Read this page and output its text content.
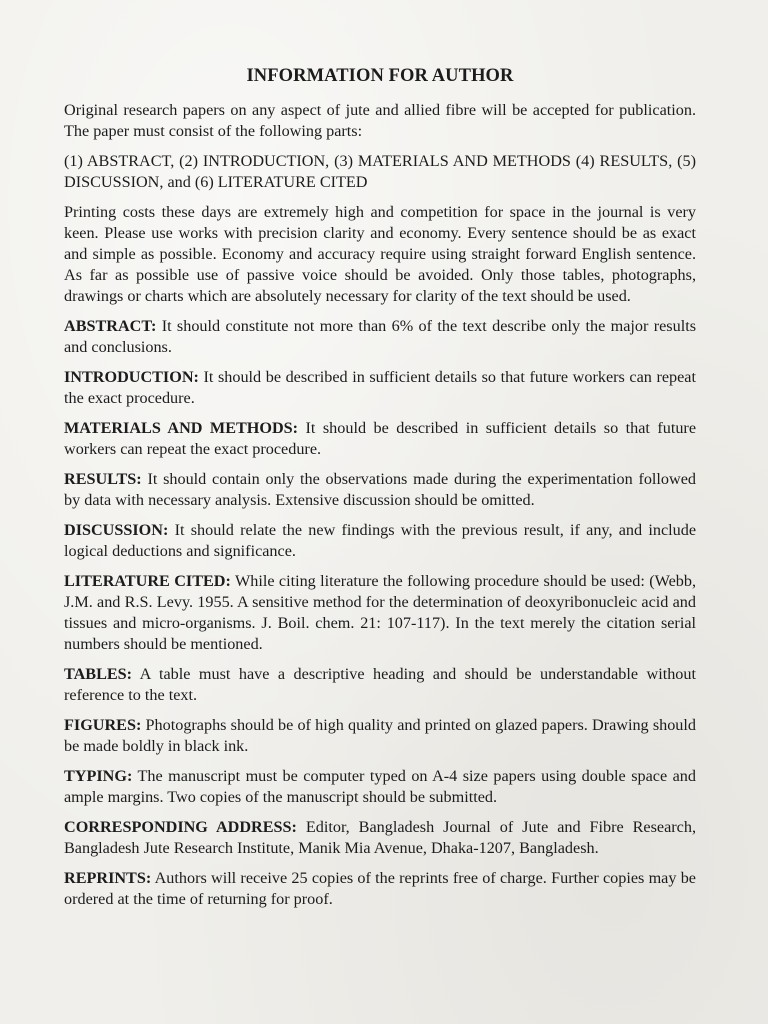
INFORMATION FOR AUTHOR

Original research papers on any aspect of jute and allied fibre will be accepted for publication. The paper must consist of the following parts:

(1) ABSTRACT, (2) INTRODUCTION, (3) MATERIALS AND METHODS (4) RESULTS, (5) DISCUSSION, and (6) LITERATURE CITED

Printing costs these days are extremely high and competition for space in the journal is very keen. Please use works with precision clarity and economy. Every sentence should be as exact and simple as possible. Economy and accuracy require using straight forward English sentence. As far as possible use of passive voice should be avoided. Only those tables, photographs, drawings or charts which are absolutely necessary for clarity of the text should be used.

ABSTRACT: It should constitute not more than 6% of the text describe only the major results and conclusions.

INTRODUCTION: It should be described in sufficient details so that future workers can repeat the exact procedure.

MATERIALS AND METHODS: It should be described in sufficient details so that future workers can repeat the exact procedure.

RESULTS: It should contain only the observations made during the experimentation followed by data with necessary analysis. Extensive discussion should be omitted.

DISCUSSION: It should relate the new findings with the previous result, if any, and include logical deductions and significance.

LITERATURE CITED: While citing literature the following procedure should be used: (Webb, J.M. and R.S. Levy. 1955. A sensitive method for the determination of deoxyribonucleic acid and tissues and micro-organisms. J. Boil. chem. 21: 107-117). In the text merely the citation serial numbers should be mentioned.

TABLES: A table must have a descriptive heading and should be understandable without reference to the text.

FIGURES: Photographs should be of high quality and printed on glazed papers. Drawing should be made boldly in black ink.

TYPING: The manuscript must be computer typed on A-4 size papers using double space and ample margins. Two copies of the manuscript should be submitted.

CORRESPONDING ADDRESS: Editor, Bangladesh Journal of Jute and Fibre Research, Bangladesh Jute Research Institute, Manik Mia Avenue, Dhaka-1207, Bangladesh.

REPRINTS: Authors will receive 25 copies of the reprints free of charge. Further copies may be ordered at the time of returning for proof.
